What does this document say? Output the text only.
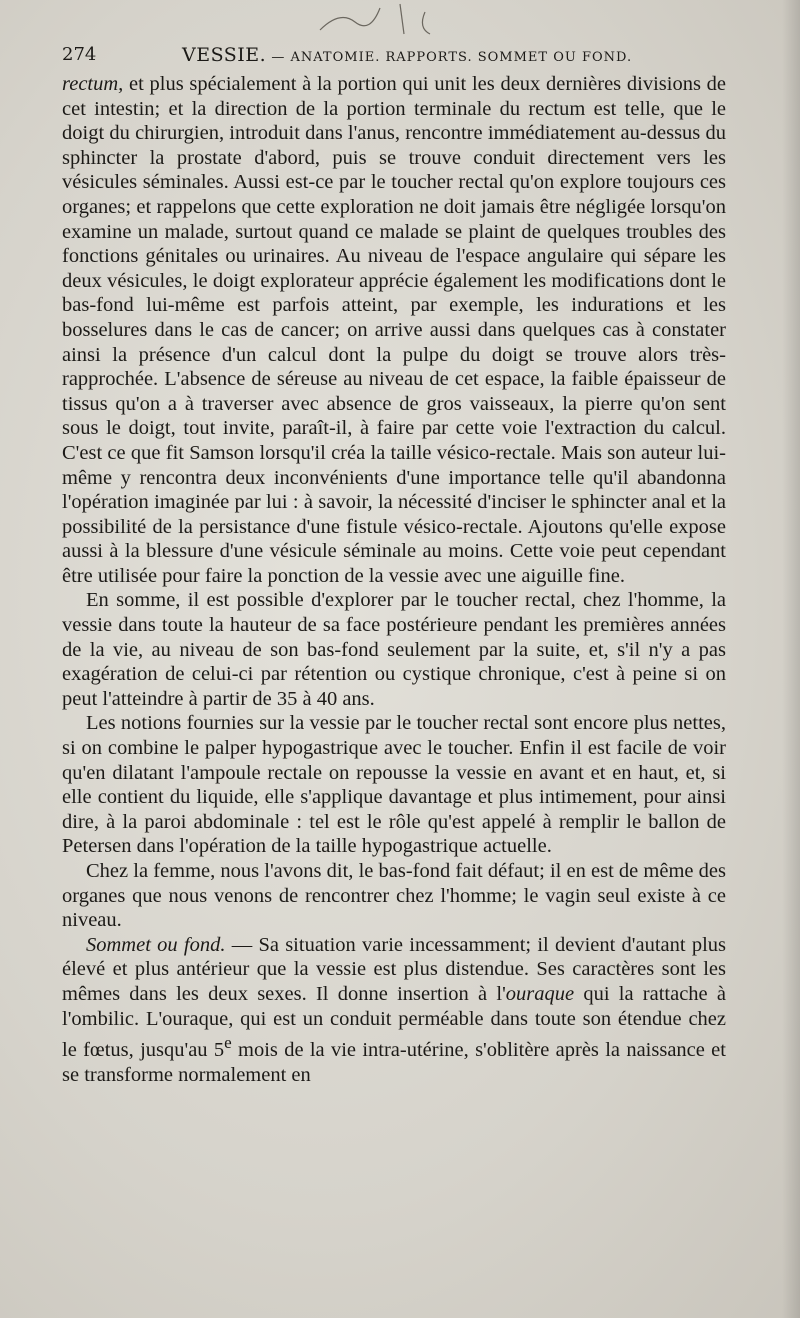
274	VESSIE. — ANATOMIE. RAPPORTS. SOMMET OU FOND.

rectum, et plus spécialement à la portion qui unit les deux dernières divisions de cet intestin; et la direction de la portion terminale du rectum est telle, que le doigt du chirurgien, introduit dans l'anus, rencontre immédiatement au-dessus du sphincter la prostate d'abord, puis se trouve conduit directement vers les vésicules séminales. Aussi est-ce par le toucher rectal qu'on explore toujours ces organes; et rappelons que cette exploration ne doit jamais être négligée lorsqu'on examine un malade, surtout quand ce malade se plaint de quelques troubles des fonctions génitales ou urinaires. Au niveau de l'espace angulaire qui sépare les deux vésicules, le doigt explorateur apprécie également les modifications dont le bas-fond lui-même est parfois atteint, par exemple, les indurations et les bosselures dans le cas de cancer; on arrive aussi dans quelques cas à constater ainsi la présence d'un calcul dont la pulpe du doigt se trouve alors très-rapprochée. L'absence de séreuse au niveau de cet espace, la faible épaisseur de tissus qu'on a à traverser avec absence de gros vaisseaux, la pierre qu'on sent sous le doigt, tout invite, paraît-il, à faire par cette voie l'extraction du calcul. C'est ce que fit Samson lorsqu'il créa la taille vésico-rectale. Mais son auteur lui-même y rencontra deux inconvénients d'une importance telle qu'il abandonna l'opération imaginée par lui : à savoir, la nécessité d'inciser le sphincter anal et la possibilité de la persistance d'une fistule vésico-rectale. Ajoutons qu'elle expose aussi à la blessure d'une vésicule séminale au moins. Cette voie peut cependant être utilisée pour faire la ponction de la vessie avec une aiguille fine.

En somme, il est possible d'explorer par le toucher rectal, chez l'homme, la vessie dans toute la hauteur de sa face postérieure pendant les premières années de la vie, au niveau de son bas-fond seulement par la suite, et, s'il n'y a pas exagération de celui-ci par rétention ou cystique chronique, c'est à peine si on peut l'atteindre à partir de 35 à 40 ans.

Les notions fournies sur la vessie par le toucher rectal sont encore plus nettes, si on combine le palper hypogastrique avec le toucher. Enfin il est facile de voir qu'en dilatant l'ampoule rectale on repousse la vessie en avant et en haut, et, si elle contient du liquide, elle s'applique davantage et plus intimement, pour ainsi dire, à la paroi abdominale : tel est le rôle qu'est appelé à remplir le ballon de Petersen dans l'opération de la taille hypogastrique actuelle.

Chez la femme, nous l'avons dit, le bas-fond fait défaut; il en est de même des organes que nous venons de rencontrer chez l'homme; le vagin seul existe à ce niveau.

Sommet ou fond. — Sa situation varie incessamment; il devient d'autant plus élevé et plus antérieur que la vessie est plus distendue. Ses caractères sont les mêmes dans les deux sexes. Il donne insertion à l'ouraque qui la rattache à l'ombilic. L'ouraque, qui est un conduit perméable dans toute son étendue chez le fœtus, jusqu'au 5e mois de la vie intra-utérine, s'oblitère après la naissance et se transforme normalement en
